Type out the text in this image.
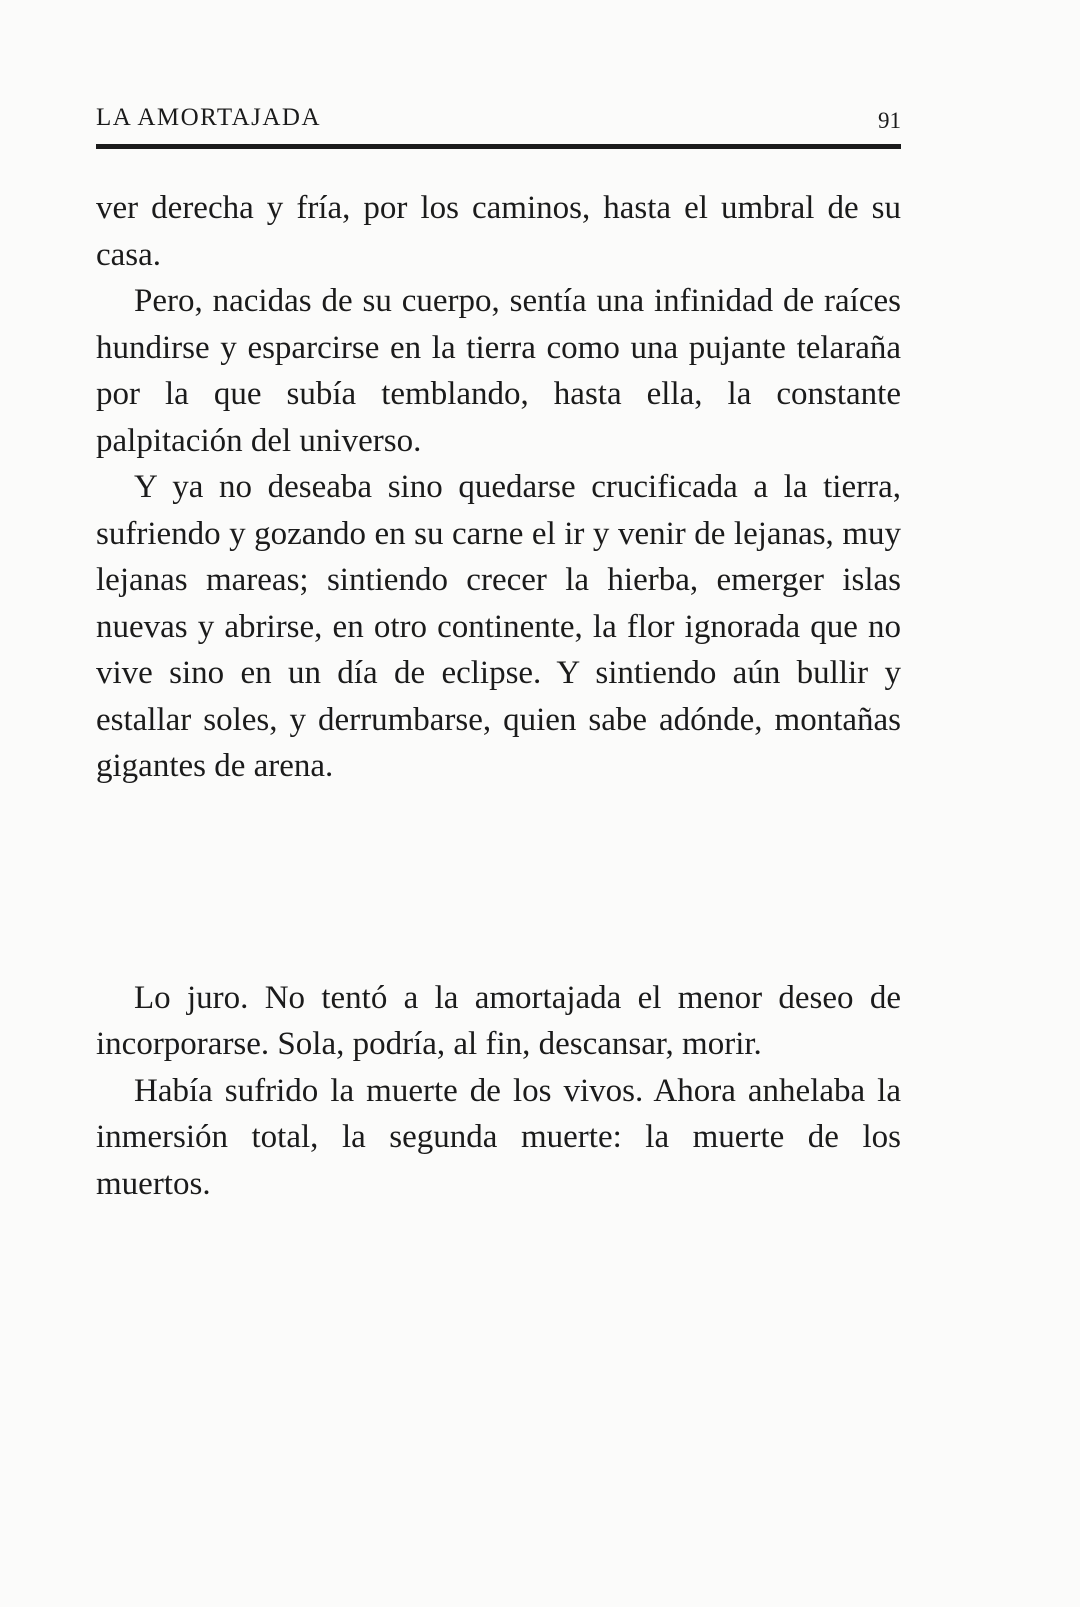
LA AMORTAJADA	91

ver derecha y fría, por los caminos, hasta el umbral de su casa.

Pero, nacidas de su cuerpo, sentía una infinidad de raíces hundirse y esparcirse en la tierra como una pujante telaraña por la que subía temblando, hasta ella, la constante palpitación del universo.

Y ya no deseaba sino quedarse crucificada a la tierra, sufriendo y gozando en su carne el ir y venir de lejanas, muy lejanas mareas; sintiendo crecer la hierba, emerger islas nuevas y abrirse, en otro continente, la flor ignorada que no vive sino en un día de eclipse. Y sintiendo aún bullir y estallar soles, y derrumbarse, quien sabe adónde, montañas gigantes de arena.

Lo juro. No tentó a la amortajada el menor deseo de incorporarse. Sola, podría, al fin, descansar, morir.

Había sufrido la muerte de los vivos. Ahora anhelaba la inmersión total, la segunda muerte: la muerte de los muertos.
